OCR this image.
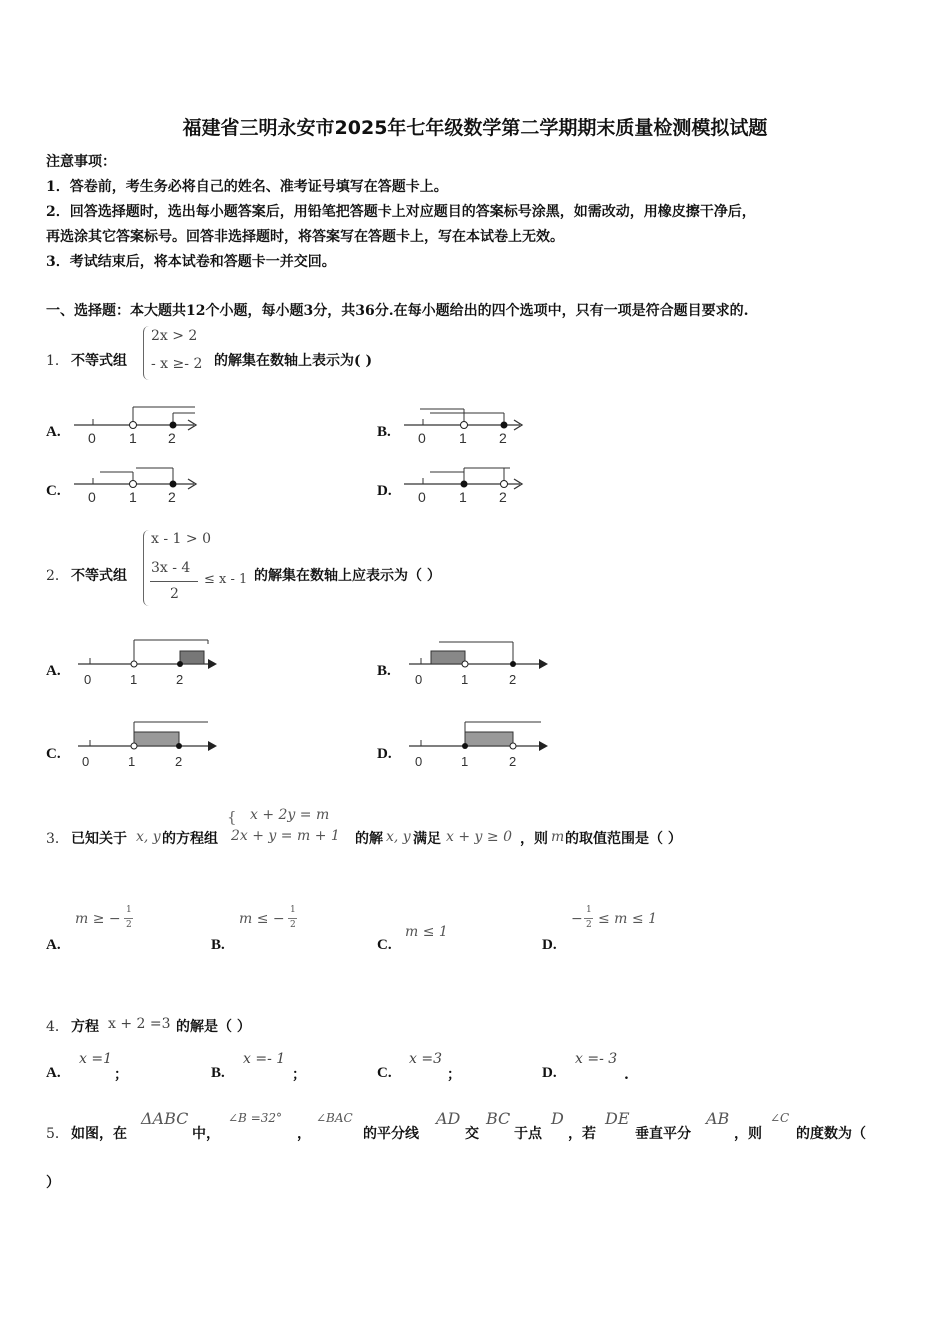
福建省三明永安市2025年七年级数学第二学期期末质量检测模拟试题
注意事项：
1．答卷前，考生务必将自己的姓名、准考证号填写在答题卡上。
2．回答选择题时，选出每小题答案后，用铅笔把答题卡上对应题目的答案标号涂黑，如需改动，用橡皮擦干净后，
再选涂其它答案标号。回答非选择题时，将答案写在答题卡上，写在本试卷上无效。
3．考试结束后，将本试卷和答题卡一并交回。
一、选择题：本大题共12个小题，每小题3分，共36分.在每小题给出的四个选项中，只有一项是符合题目要求的.
1． 不等式组
2x > 2
- x ≥- 2 的解集在数轴上表示为( )
A. 0 1 2	B. 0 1 2
C. 0 1 2	D. 0 1 2
2． 不等式组
x - 1 > 0
3x - 4
2
≤ x - 1 的解集在数轴上应表示为（ ）
A.
0	1	2
B.
0	1	2
C. 0	1	2	D. 0	1	2
3． 已知关于 x, y 的方程组
{ x + 2y = m
2x + y = m + 1 的解 x, y 满足 x + y ≥ 0 ，则 m 的取值范围是（ ）
A.
m ≥ −
1
2
B.
m ≤ −
1
2
C.
m ≤ 1
D.
−
1
2 ≤ m ≤ 1
4． 方程 x + 2 =3 的解是（ ）
A.
x =1
；	B.
x =- 1
；	C.
x =3
；	D.
x =- 3
.
5． 如图，在
ΔABC
中，
∠B =32°
，
∠BAC
的平分线
AD
交
BC
于点
D
，若
DE
垂直平分
AB
，则
∠C
的度数为（
）
